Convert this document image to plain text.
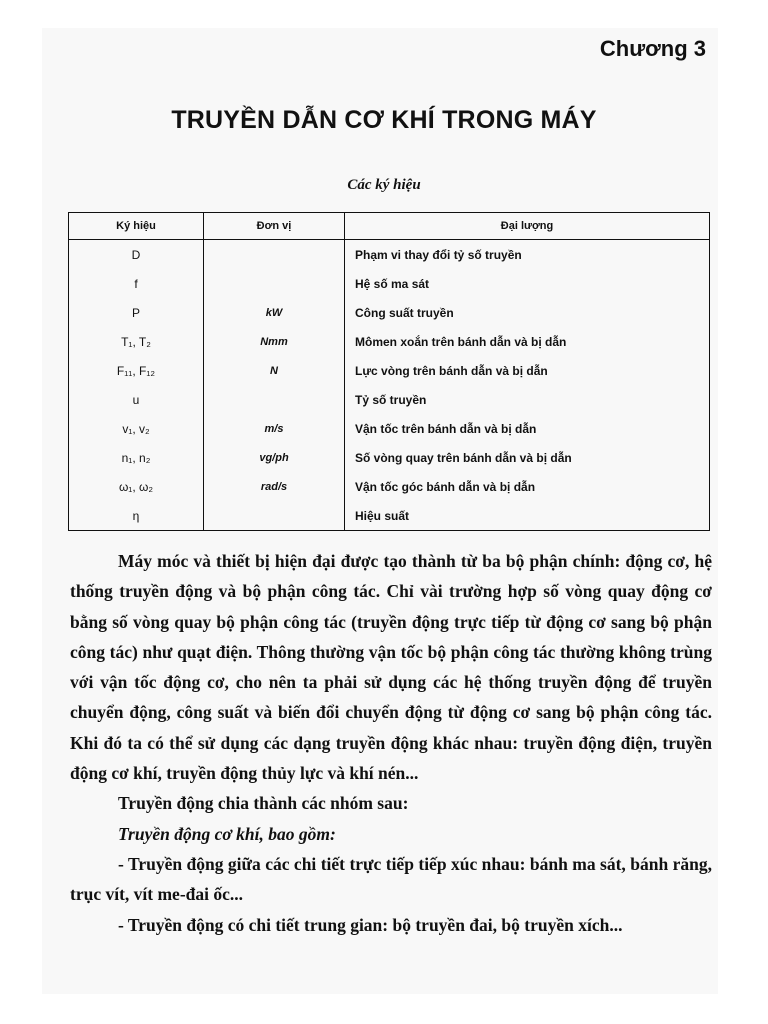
Chương 3
TRUYỀN DẪN CƠ KHÍ TRONG MÁY
Các ký hiệu
Ký hiệu	Đơn vị	Đại lượng
D		Phạm vi thay đổi tỷ số truyền
f		Hệ số ma sát
P	kW	Công suất truyền
T₁, T₂	Nmm	Mômen xoắn trên bánh dẫn và bị dẫn
F₁₁, F₁₂	N	Lực vòng trên bánh dẫn và bị dẫn
u		Tỷ số truyền
v₁, v₂	m/s	Vận tốc trên bánh dẫn và bị dẫn
n₁, n₂	vg/ph	Số vòng quay trên bánh dẫn và bị dẫn
ω₁, ω₂	rad/s	Vận tốc góc bánh dẫn và bị dẫn
η		Hiệu suất

Máy móc và thiết bị hiện đại được tạo thành từ ba bộ phận chính: động cơ, hệ thống truyền động và bộ phận công tác. Chỉ vài trường hợp số vòng quay động cơ bằng số vòng quay bộ phận công tác (truyền động trực tiếp từ động cơ sang bộ phận công tác) như quạt điện. Thông thường vận tốc bộ phận công tác thường không trùng với vận tốc động cơ, cho nên ta phải sử dụng các hệ thống truyền động để truyền chuyển động, công suất và biến đổi chuyển động từ động cơ sang bộ phận công tác. Khi đó ta có thể sử dụng các dạng truyền động khác nhau: truyền động điện, truyền động cơ khí, truyền động thủy lực và khí nén...

Truyền động chia thành các nhóm sau:

Truyền động cơ khí, bao gồm:

- Truyền động giữa các chi tiết trực tiếp tiếp xúc nhau: bánh ma sát, bánh răng, trục vít, vít me-đai ốc...

- Truyền động có chi tiết trung gian: bộ truyền đai, bộ truyền xích...
